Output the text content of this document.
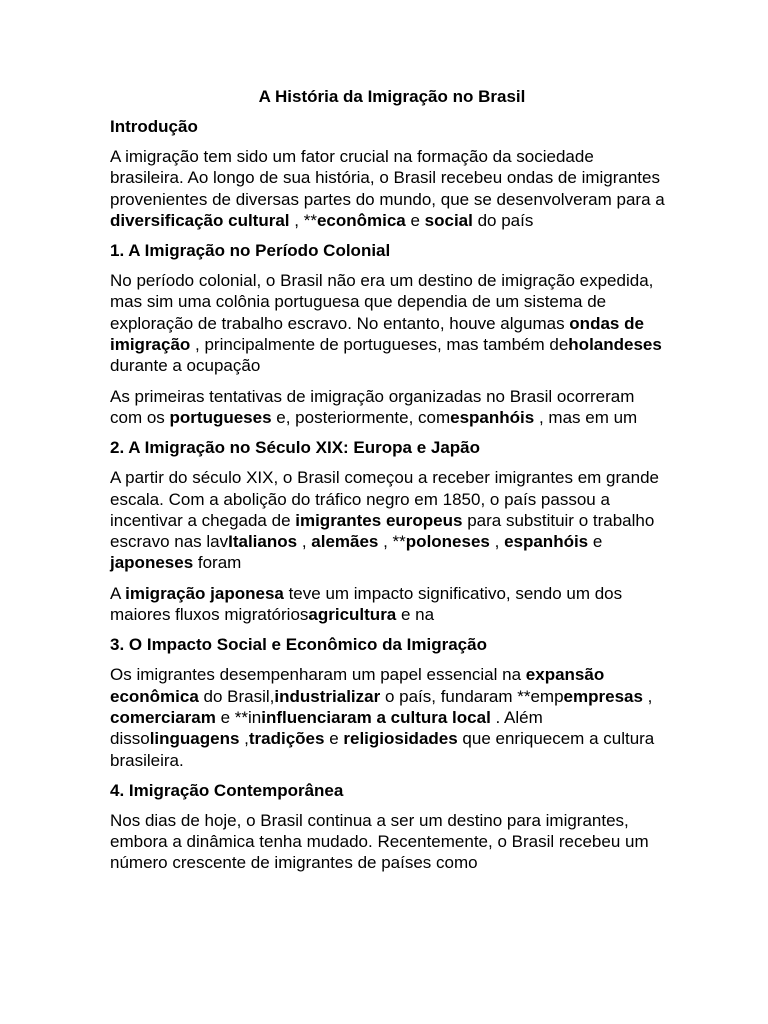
A História da Imigração no Brasil
Introdução
A imigração tem sido um fator crucial na formação da sociedade brasileira. Ao longo de sua história, o Brasil recebeu ondas de imigrantes provenientes de diversas partes do mundo, que se desenvolveram para a diversificação cultural , **econômica e social do país
1. A Imigração no Período Colonial
No período colonial, o Brasil não era um destino de imigração expedida, mas sim uma colônia portuguesa que dependia de um sistema de exploração de trabalho escravo. No entanto, houve algumas ondas de imigração , principalmente de portugueses, mas também deholandeses durante a ocupação
As primeiras tentativas de imigração organizadas no Brasil ocorreram com os portugueses e, posteriormente, comespanhóis , mas em um
2. A Imigração no Século XIX: Europa e Japão
A partir do século XIX, o Brasil começou a receber imigrantes em grande escala. Com a abolição do tráfico negro em 1850, o país passou a incentivar a chegada de imigrantes europeus para substituir o trabalho escravo nas lavItalianos , alemães , **poloneses , espanhóis e japoneses foram
A imigração japonesa teve um impacto significativo, sendo um dos maiores fluxos migratóriosagricultura e na
3. O Impacto Social e Econômico da Imigração
Os imigrantes desempenharam um papel essencial na expansão econômica do Brasil,industrializar o país, fundaram **empempresas , comerciaram e **ininfluenciaram a cultura local . Além dissolinguagens ,tradições e religiosidades que enriquecem a cultura brasileira.
4. Imigração Contemporânea
Nos dias de hoje, o Brasil continua a ser um destino para imigrantes, embora a dinâmica tenha mudado. Recentemente, o Brasil recebeu um número crescente de imigrantes de países como
